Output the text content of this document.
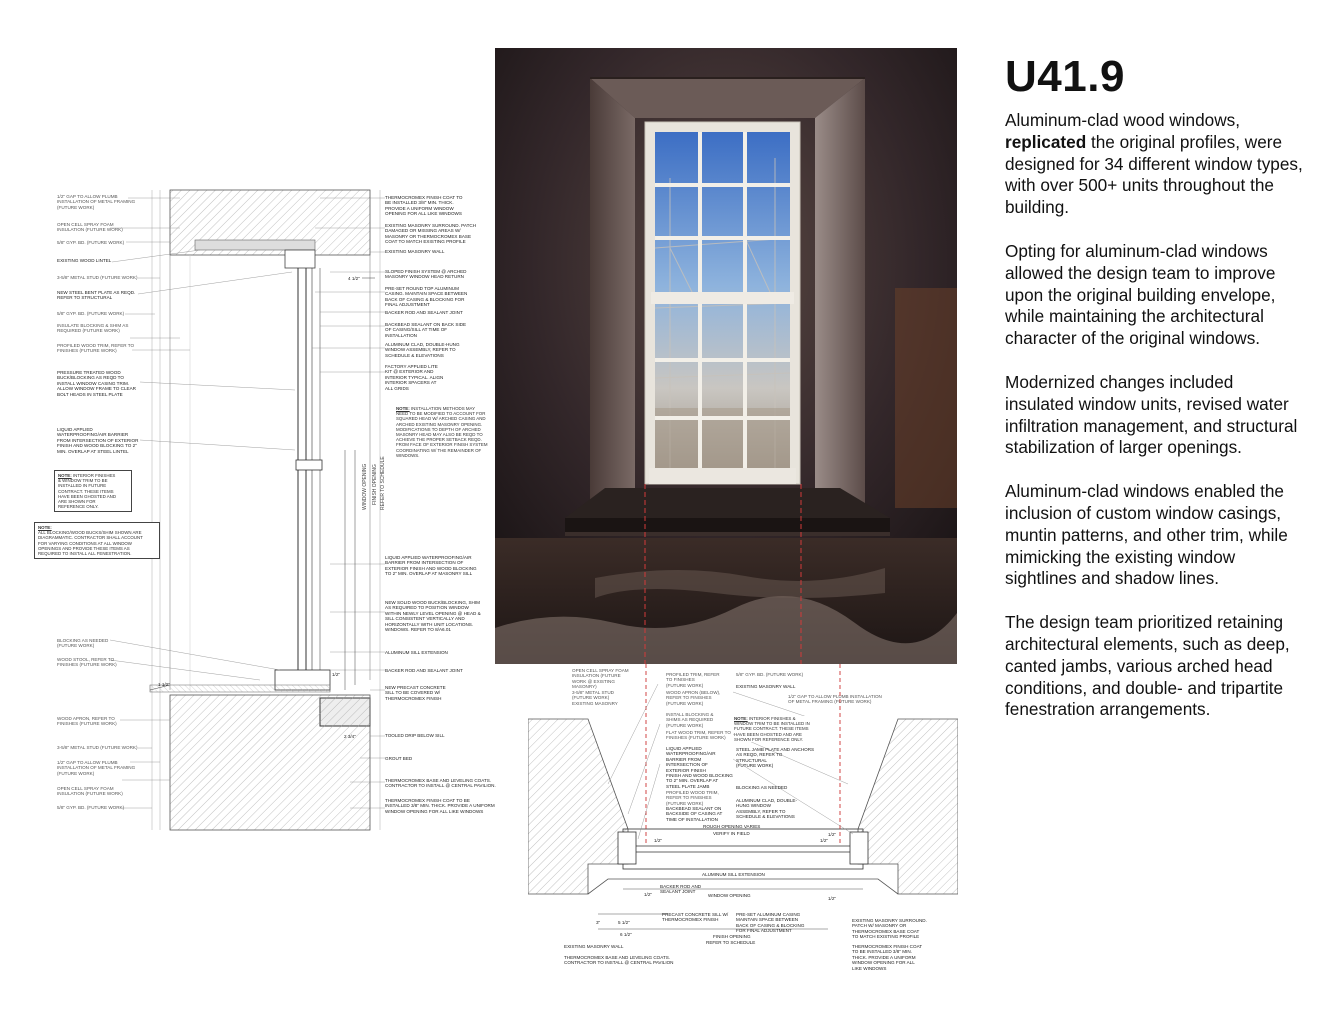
1/2" GAP TO ALLOW PLUMB
INSTALLATION OF METAL FRAMING
(FUTURE WORK)
OPEN CELL SPRAY FOAM
INSULATION (FUTURE WORK)
5/8" GYP. BD. (FUTURE WORK)
EXISTING WOOD LINTEL
3-5/8" METAL STUD (FUTURE WORK)
NEW STEEL BENT PLATE AS REQD.
REFER TO STRUCTURAL
5/8" GYP. BD. (FUTURE WORK)
INSULATE BLOCKING & SHIM AS
REQUIRED (FUTURE WORK)
PROFILED WOOD TRIM, REFER TO
FINISHES (FUTURE WORK)
PRESSURE TREATED WOOD
BUCK/BLOCKING AS REQD TO
INSTALL WINDOW CASING TRIM.
ALLOW WINDOW FRAME TO CLEAR
BOLT HEADS IN STEEL PLATE
LIQUID APPLIED
WATERPROOFING/AIR BARRIER
FROM INTERSECTION OF EXTERIOR
FINISH AND WOOD BLOCKING TO 2"
MIN. OVERLAP AT STEEL LINTEL
NOTE: INTERIOR FINISHES
& WINDOW TRIM TO BE
INSTALLED IN FUTURE
CONTRACT. THESE ITEMS
HAVE BEEN GHOSTED AND
ARE SHOWN FOR
REFERENCE ONLY.
NOTE:
ALL BLOCKING/WOOD BUCKS/SHIM SHOWN ARE
DIAGRAMMATIC. CONTRACTOR SHALL ACCOUNT
FOR VARYING CONDITIONS AT ALL WINDOW
OPENINGS AND PROVIDE THESE ITEMS AS
REQUIRED TO INSTALL ALL FENESTRATION.
BLOCKING AS NEEDED
(FUTURE WORK)
WOOD STOOL, REFER TO
FINISHES (FUTURE WORK)
WOOD APRON, REFER TO
FINISHES (FUTURE WORK)
3-5/8" METAL STUD (FUTURE WORK)
1/2" GAP TO ALLOW PLUMB
INSTALLATION OF METAL FRAMING
(FUTURE WORK)
OPEN CELL SPRAY FOAM
INSULATION (FUTURE WORK)
5/8" GYP. BD. (FUTURE WORK)
THERMOCROMEX FINISH COAT TO
BE INSTALLED 3/8" MIN. THICK.
PROVIDE A UNIFORM WINDOW
OPENING FOR ALL LIKE WINDOWS
EXISTING MASONRY SURROUND. PATCH
DAMAGED OR MISSING AREAS W/
MASONRY OR THERMOCROMEX BASE
COAT TO MATCH EXISTING PROFILE
EXISTING MASONRY WALL
SLOPED FINISH SYSTEM @ ARCHED
MASONRY WINDOW HEAD RETURN
PRE-SET ROUND TOP ALUMINUM
CASING. MAINTAIN SPACE BETWEEN
BACK OF CASING & BLOCKING FOR
FINAL ADJUSTMENT
BACKER ROD AND SEALANT JOINT
BACKBEAD SEALANT ON BACK SIDE
OF CASING/SILL AT TIME OF
INSTALLATION
ALUMINUM CLAD, DOUBLE-HUNG
WINDOW ASSEMBLY, REFER TO
SCHEDULE & ELEVATIONS
FACTORY APPLIED LITE
KIT @ EXTERIOR AND
INTERIOR TYPICAL. ALIGN
INTERIOR SPACERS AT
ALL GRIDS
NOTE: INSTALLATION METHODS MAY
NEED TO BE MODIFIED TO ACCOUNT FOR
SQUARED HEAD W/ ARCHED CASING AND
ARCHED EXISTING MASONRY OPENING.
MODIFICATIONS TO DEPTH OF ARCHED
MASONRY HEAD MAY ALSO BE REQD TO
ACHIEVE THE PROPER SETBACK REQD.
FROM FACE OF EXTERIOR FINISH SYSTEM
COORDINATING W/ THE REMAINDER OF
WINDOWS.
WINDOW OPENING FINISH OPENING REFER TO SCHEDULE
LIQUID APPLIED WATERPROOFING/AIR
BARRIER FROM INTERSECTION OF
EXTERIOR FINISH AND WOOD BLOCKING
TO 2" MIN. OVERLAP AT MASONRY SILL
NEW SOLID WOOD BUCK/BLOCKING, SHIM
AS REQUIRED TO POSITION WINDOW
WITHIN NEWLY LEVEL OPENING @ HEAD &
SILL CONSISTENT VERTICALLY AND
HORIZONTALLY WITH UNIT LOCATIONS.
WINDOWS. REFER TO 8/A6.01
ALUMINUM SILL EXTENSION
BACKER ROD AND SEALANT JOINT
NEW PRECAST CONCRETE
SILL TO BE COVERED W/
THERMOCROMEX FINISH
TOOLED DRIP BELOW SILL
GROUT BED
THERMOCROMEX BASE AND LEVELING COATS.
CONTRACTOR TO INSTALL @ CENTRAL PAVILION.
THERMOCROMEX FINISH COAT TO BE
INSTALLED 3/8" MIN. THICK. PROVIDE A UNIFORM
WINDOW OPENING FOR ALL LIKE WINDOWS
4 1/2"
1 1/2"
2 3/4"
1/2"
OPEN CELL SPRAY FOAM
INSULATION (FUTURE
WORK @ EXISTING
MASONRY)
3-5/8" METAL STUD
(FUTURE WORK)
EXISTING MASONRY
PROFILED TRIM, REFER
TO FINISHES
(FUTURE WORK)
WOOD APRON (BELOW),
REFER TO FINISHES
(FUTURE WORK)
INSTALL BLOCKING &
SHIMS AS REQUIRED
(FUTURE WORK)
FLAT WOOD TRIM, REFER TO
FINISHES (FUTURE WORK)
LIQUID APPLIED
WATERPROOFING/AIR
BARRIER FROM
INTERSECTION OF
EXTERIOR FINISH
FINISH AND WOOD BLOCKING
TO 2" MIN. OVERLAP AT
STEEL PLATE JAMB
PROFILED WOOD TRIM,
REFER TO FINISHES
(FUTURE WORK)
BACKBEAD SEALANT ON
BACKSIDE OF CASING AT
TIME OF INSTALLATION
5/8" GYP. BD. (FUTURE WORK)
EXISTING MASONRY WALL
1/2" GAP TO ALLOW PLUMB INSTALLATION
OF METAL FRAMING (FUTURE WORK)
NOTE: INTERIOR FINISHES &
WINDOW TRIM TO BE INSTALLED IN
FUTURE CONTRACT. THESE ITEMS
HAVE BEEN GHOSTED AND ARE
SHOWN FOR REFERENCE ONLY.
STEEL JAMB PLATE AND ANCHORS
AS REQD, REFER TO
STRUCTURAL
(FUTURE WORK)
BLOCKING AS NEEDED
ALUMINUM CLAD, DOUBLE-
HUNG WINDOW
ASSEMBLY, REFER TO
SCHEDULE & ELEVATIONS
ROUGH OPENING VARIES
VERIFY IN FIELD
ALUMINUM SILL EXTENSION
BACKER ROD AND
SEALANT JOINT
WINDOW OPENING
PRECAST CONCRETE SILL W/
THERMOCROMEX FINISH
PRE-SET ALUMINUM CASING
MAINTAIN SPACE BETWEEN
BACK OF CASING & BLOCKING
FOR FINAL ADJUSTMENT
FINISH OPENING
REFER TO SCHEDULE
EXISTING MASONRY WALL
THERMOCROMEX BASE AND LEVELING COATS.
CONTRACTOR TO INSTALL @ CENTRAL PAVILION
EXISTING MASONRY SURROUND.
PATCH W/ MASONRY OR
THERMOCROMEX BASE COAT
TO MATCH EXISTING PROFILE
THERMOCROMEX FINISH COAT
TO BE INSTALLED 3/8" MIN.
THICK. PROVIDE A UNIFORM
WINDOW OPENING FOR ALL
LIKE WINDOWS
1/2"	1/2"
3"	5 1/2"
6 1/2"
1/2"
1/2"
1/2"
U41.9

Aluminum-clad wood windows, replicated the original profiles, were designed for 34 different window types, with over 500+ units throughout the building.

Opting for aluminum-clad windows allowed the design team to improve upon the original building envelope, while maintaining the architectural character of the original windows.

Modernized changes included insulated window units, revised water infiltration management, and structural stabilization of larger openings.

Aluminum-clad windows enabled the inclusion of custom window casings, muntin patterns, and other trim, while mimicking the existing window sightlines and shadow lines.

The design team prioritized retaining architectural elements, such as deep, canted jambs, various arched head conditions, and double- and tripartite fenestration arrangements.
